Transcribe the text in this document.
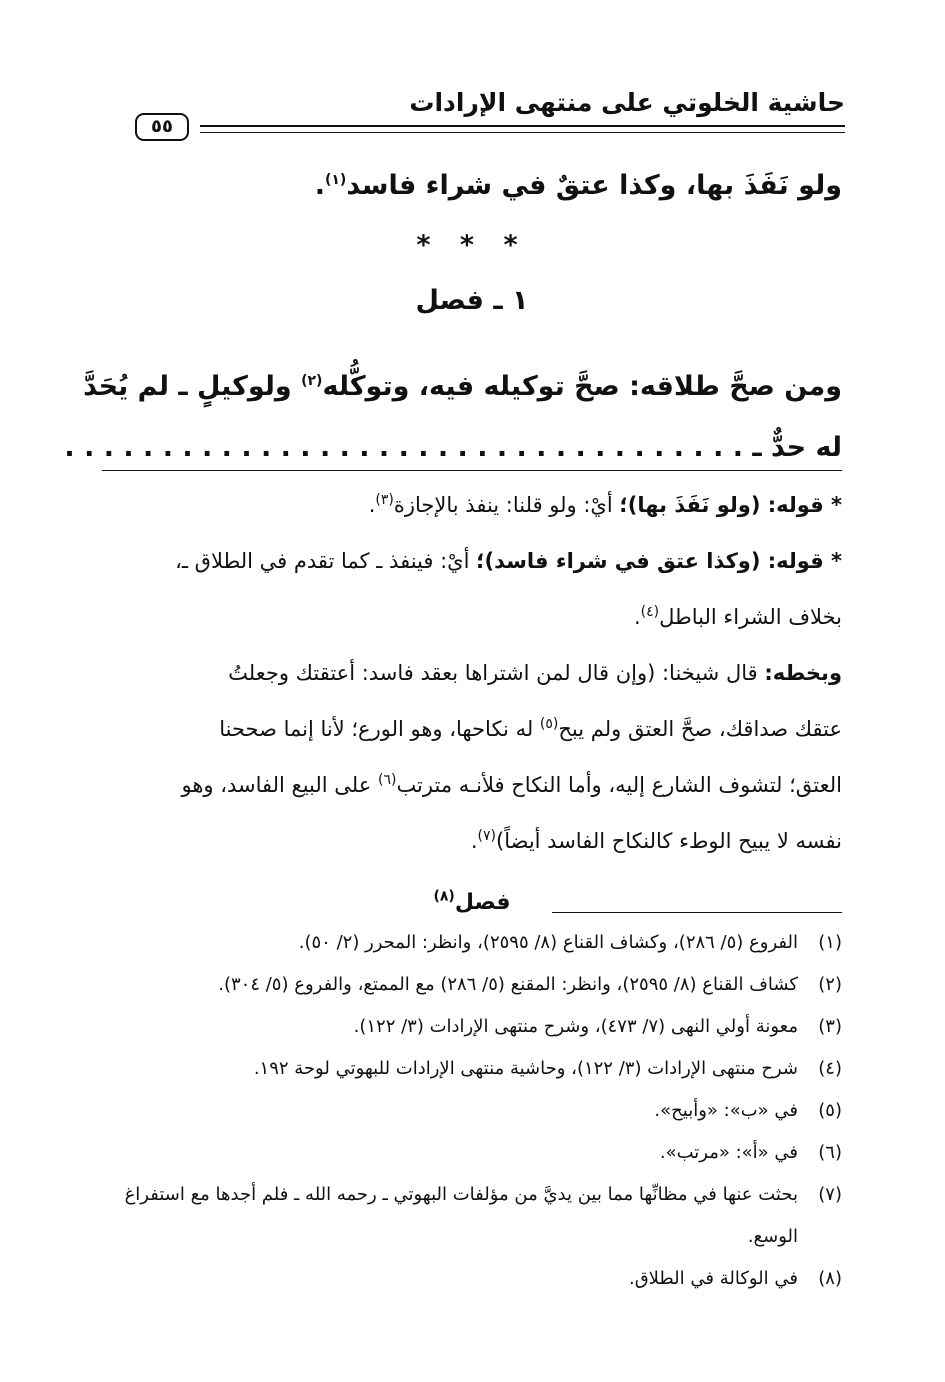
حاشية الخلوتي على منتهى الإرادات
٥٥

ولو نَفَذَ بها، وكذا عتقٌ في شراء فاسد$^{(١)}$.

* * *
١ ـ فصل

ومن صحَّ طلاقه: صحَّ توكيله فيه، وتوكُّله$^{(٢)}$ ولوكيلٍ ـ لم يُحَدَّ
له حدٌّ ـ . . . . . . . . . . . . . . . . . . . . . . . . . . . . . . . . . . .

* قوله: (ولو نَفَذَ بها)؛ أيْ: ولو قلنا: ينفذ بالإجازة$^{(٣)}$.

* قوله: (وكذا عتق في شراء فاسد)؛ أيْ: فينفذ ـ كما تقدم في الطلاق ـ،
بخلاف الشراء الباطل$^{(٤)}$.

وبخطه: قال شيخنا: (وإن قال لمن اشتراها بعقد فاسد: أعتقتك وجعلتُ
عتقك صداقك، صحَّ العتق ولم يبح$^{(٥)}$ له نكاحها، وهو الورع؛ لأنا إنما صححنا
العتق؛ لتشوف الشارع إليه، وأما النكاح فلأنـه مترتب$^{(٦)}$ على البيع الفاسد، وهو
نفسه لا يبيح الوطء كالنكاح الفاسد أيضاً)$^{(٧)}$.

فصل$^{(٨)}$
(١)
الفروع (٥/ ٢٨٦)، وكشاف القناع (٨/ ٢٥٩٥)، وانظر: المحرر (٢/ ٥٠).
(٢)
كشاف القناع (٨/ ٢٥٩٥)، وانظر: المقنع (٥/ ٢٨٦) مع الممتع، والفروع (٥/ ٣٠٤).
(٣)
معونة أولي النهى (٧/ ٤٧٣)، وشرح منتهى الإرادات (٣/ ١٢٢).
(٤)
شرح منتهى الإرادات (٣/ ١٢٢)، وحاشية منتهى الإرادات للبهوتي لوحة ١٩٢.
(٥)
في «ب»: «وأبيح».
(٦)
في «أ»: «مرتب».
(٧)
بحثت عنها في مظانِّها مما بين يديَّ من مؤلفات البهوتي ـ رحمه الله ـ فلم أجدها مع استفراغ
الوسع.
(٨)
في الوكالة في الطلاق.
